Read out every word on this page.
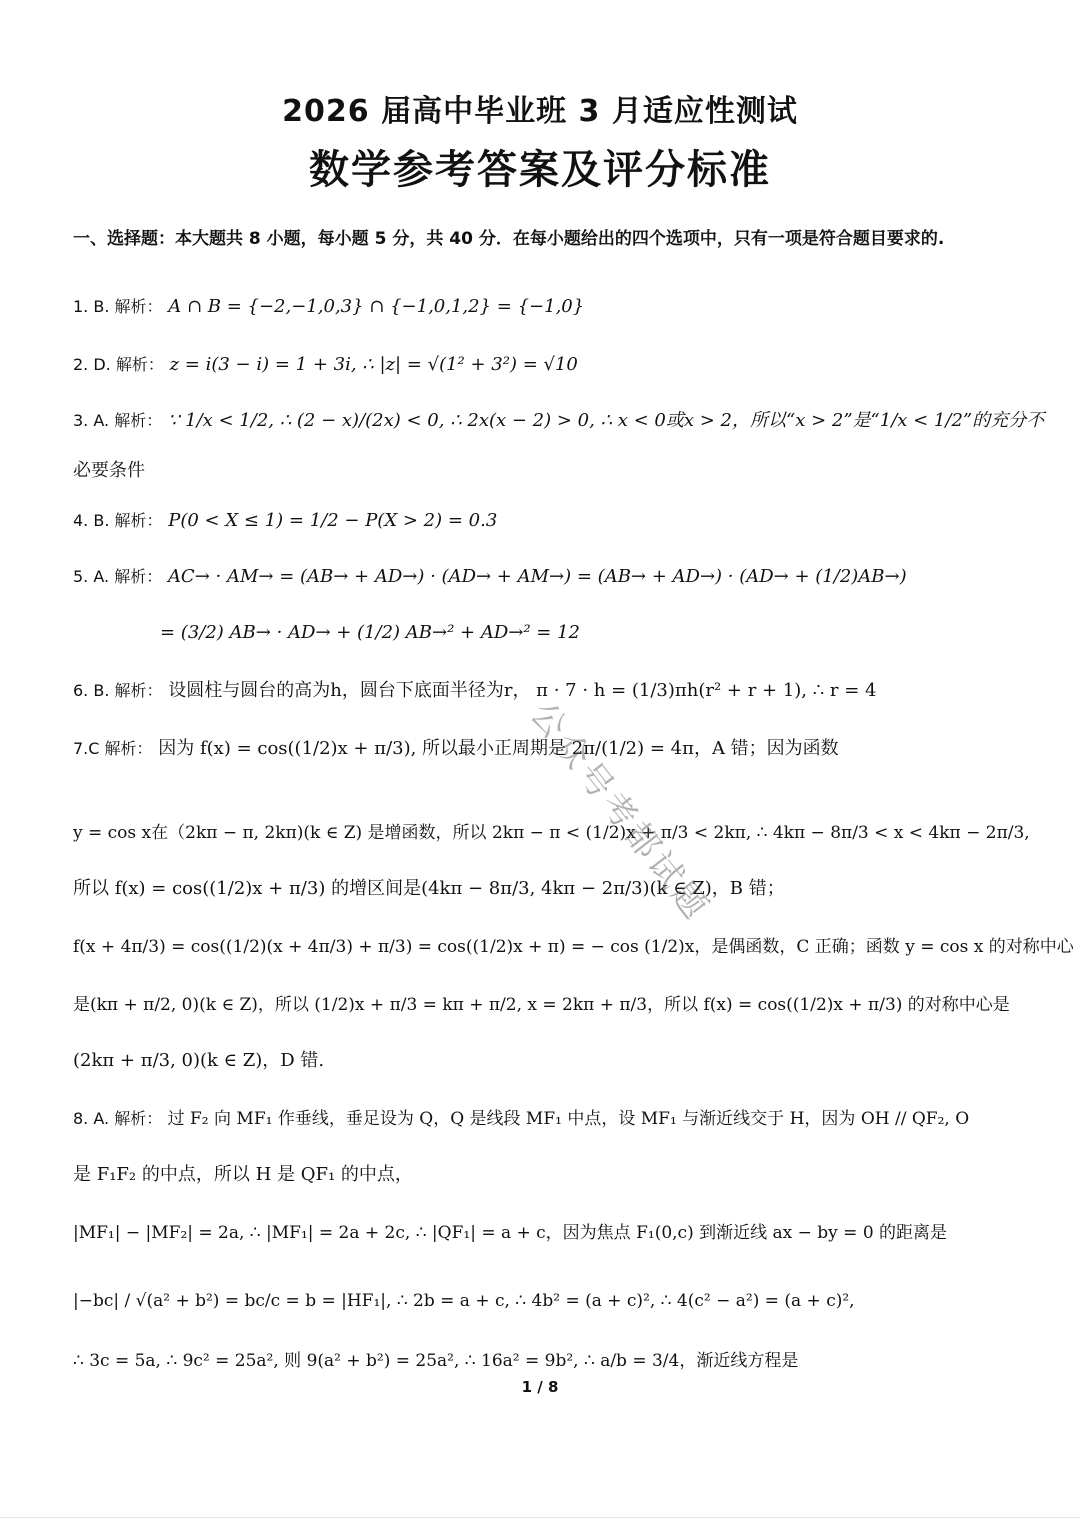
2026 届高中毕业班 3 月适应性测试
数学参考答案及评分标准
一、选择题：本大题共 8 小题，每小题 5 分，共 40 分．在每小题给出的四个选项中，只有一项是符合题目要求的.
1. B. 解析： A ∩ B = {−2,−1,0,3} ∩ {−1,0,1,2} = {−1,0}
2. D. 解析： z = i(3 − i) = 1 + 3i, ∴ |z| = √(1² + 3²) = √10
3. A. 解析： ∵ 1/x < 1/2, ∴ (2 − x)/(2x) < 0, ∴ 2x(x − 2) > 0, ∴ x < 0或x > 2，所以“x > 2”是“1/x < 1/2”的充分不
必要条件
4. B. 解析： P(0 < X ≤ 1) = 1/2 − P(X > 2) = 0.3
5. A. 解析： AC→ · AM→ = (AB→ + AD→) · (AD→ + AM→) = (AB→ + AD→) · (AD→ + (1/2)AB→)
= (3/2) AB→ · AD→ + (1/2) AB→² + AD→² = 12
6. B. 解析： 设圆柱与圆台的高为h，圆台下底面半径为r， π · 7 · h = (1/3)πh(r² + r + 1), ∴ r = 4
7.C 解析： 因为 f(x) = cos((1/2)x + π/3), 所以最小正周期是 2π/(1/2) = 4π，A 错；因为函数
y = cos x在（2kπ − π, 2kπ)(k ∈ Z) 是增函数，所以 2kπ − π < (1/2)x + π/3 < 2kπ, ∴ 4kπ − 8π/3 < x < 4kπ − 2π/3,
所以 f(x) = cos((1/2)x + π/3) 的增区间是(4kπ − 8π/3, 4kπ − 2π/3)(k ∈ Z)，B 错；
f(x + 4π/3) = cos((1/2)(x + 4π/3) + π/3) = cos((1/2)x + π) = − cos (1/2)x，是偶函数，C 正确；函数 y = cos x 的对称中心
是(kπ + π/2, 0)(k ∈ Z)，所以 (1/2)x + π/3 = kπ + π/2, x = 2kπ + π/3，所以 f(x) = cos((1/2)x + π/3) 的对称中心是
(2kπ + π/3, 0)(k ∈ Z)，D 错.
8. A. 解析： 过 F₂ 向 MF₁ 作垂线，垂足设为 Q，Q 是线段 MF₁ 中点，设 MF₁ 与渐近线交于 H，因为 OH // QF₂, O
是 F₁F₂ 的中点，所以 H 是 QF₁ 的中点，
|MF₁| − |MF₂| = 2a, ∴ |MF₁| = 2a + 2c, ∴ |QF₁| = a + c，因为焦点 F₁(0,c) 到渐近线 ax − by = 0 的距离是
|−bc| / √(a² + b²) = bc/c = b = |HF₁|, ∴ 2b = a + c, ∴ 4b² = (a + c)², ∴ 4(c² − a²) = (a + c)²,
∴ 3c = 5a, ∴ 9c² = 25a², 则 9(a² + b²) = 25a², ∴ 16a² = 9b², ∴ a/b = 3/4，渐近线方程是
公众号考都试题
1 / 8
